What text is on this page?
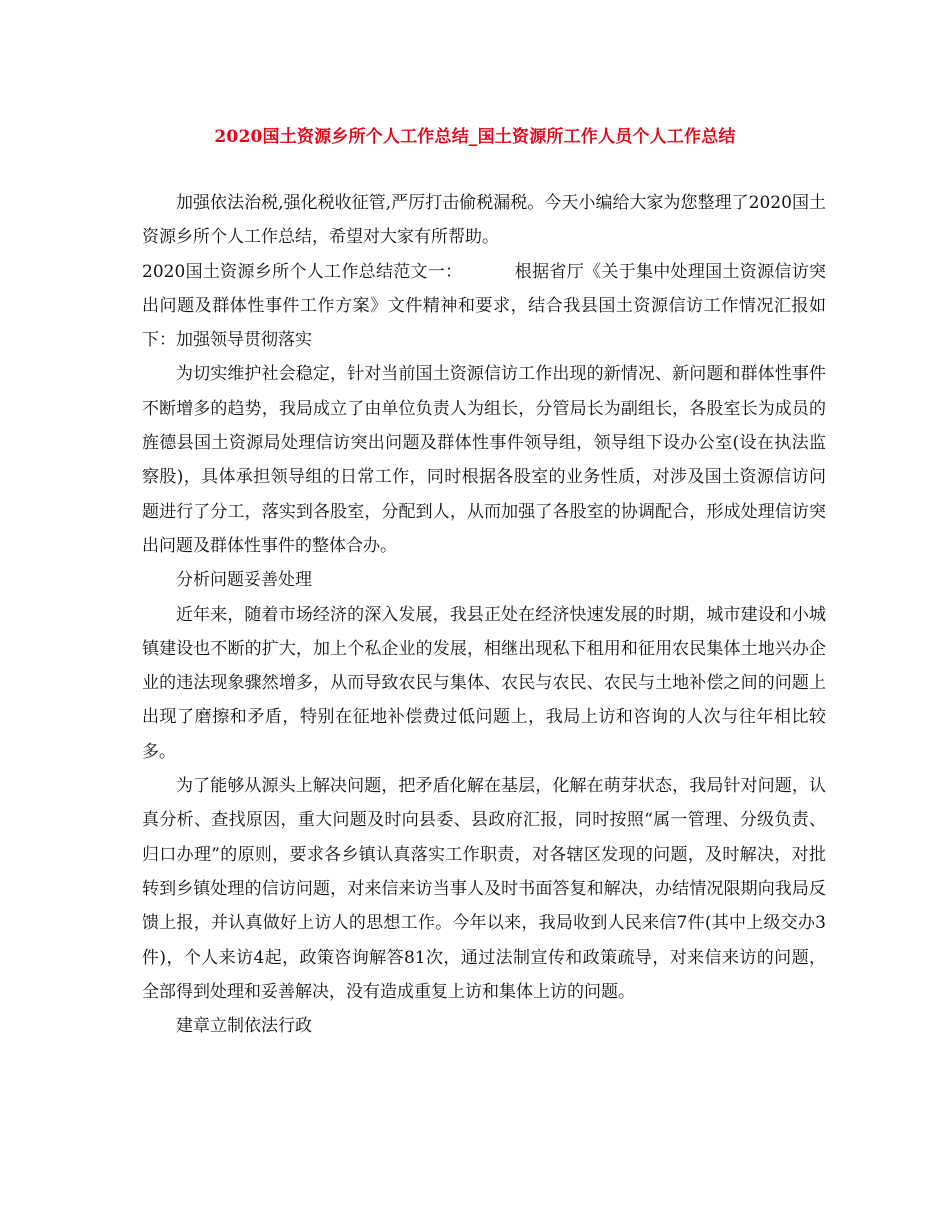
2020国土资源乡所个人工作总结_国土资源所工作人员个人工作总结

加强依法治税,强化税收征管,严厉打击偷税漏税。今天小编给大家为您整理了2020国土资源乡所个人工作总结，希望对大家有所帮助。

2020国土资源乡所个人工作总结范文一：	根据省厅《关于集中处理国土资源信访突出问题及群体性事件工作方案》文件精神和要求，结合我县国土资源信访工作情况汇报如下：加强领导贯彻落实

为切实维护社会稳定，针对当前国土资源信访工作出现的新情况、新问题和群体性事件不断增多的趋势，我局成立了由单位负责人为组长，分管局长为副组长，各股室长为成员的旌德县国土资源局处理信访突出问题及群体性事件领导组，领导组下设办公室(设在执法监察股)，具体承担领导组的日常工作，同时根据各股室的业务性质，对涉及国土资源信访问题进行了分工，落实到各股室，分配到人，从而加强了各股室的协调配合，形成处理信访突出问题及群体性事件的整体合办。

分析问题妥善处理

近年来，随着市场经济的深入发展，我县正处在经济快速发展的时期，城市建设和小城镇建设也不断的扩大，加上个私企业的发展，相继出现私下租用和征用农民集体土地兴办企业的违法现象骤然增多，从而导致农民与集体、农民与农民、农民与土地补偿之间的问题上出现了磨擦和矛盾，特别在征地补偿费过低问题上，我局上访和咨询的人次与往年相比较多。

为了能够从源头上解决问题，把矛盾化解在基层，化解在萌芽状态，我局针对问题，认真分析、查找原因，重大问题及时向县委、县政府汇报，同时按照“属一管理、分级负责、归口办理”的原则，要求各乡镇认真落实工作职责，对各辖区发现的问题，及时解决，对批转到乡镇处理的信访问题，对来信来访当事人及时书面答复和解决，办结情况限期向我局反馈上报，并认真做好上访人的思想工作。今年以来，我局收到人民来信7件(其中上级交办3件)，个人来访4起，政策咨询解答81次，通过法制宣传和政策疏导，对来信来访的问题，全部得到处理和妥善解决，没有造成重复上访和集体上访的问题。

建章立制依法行政
